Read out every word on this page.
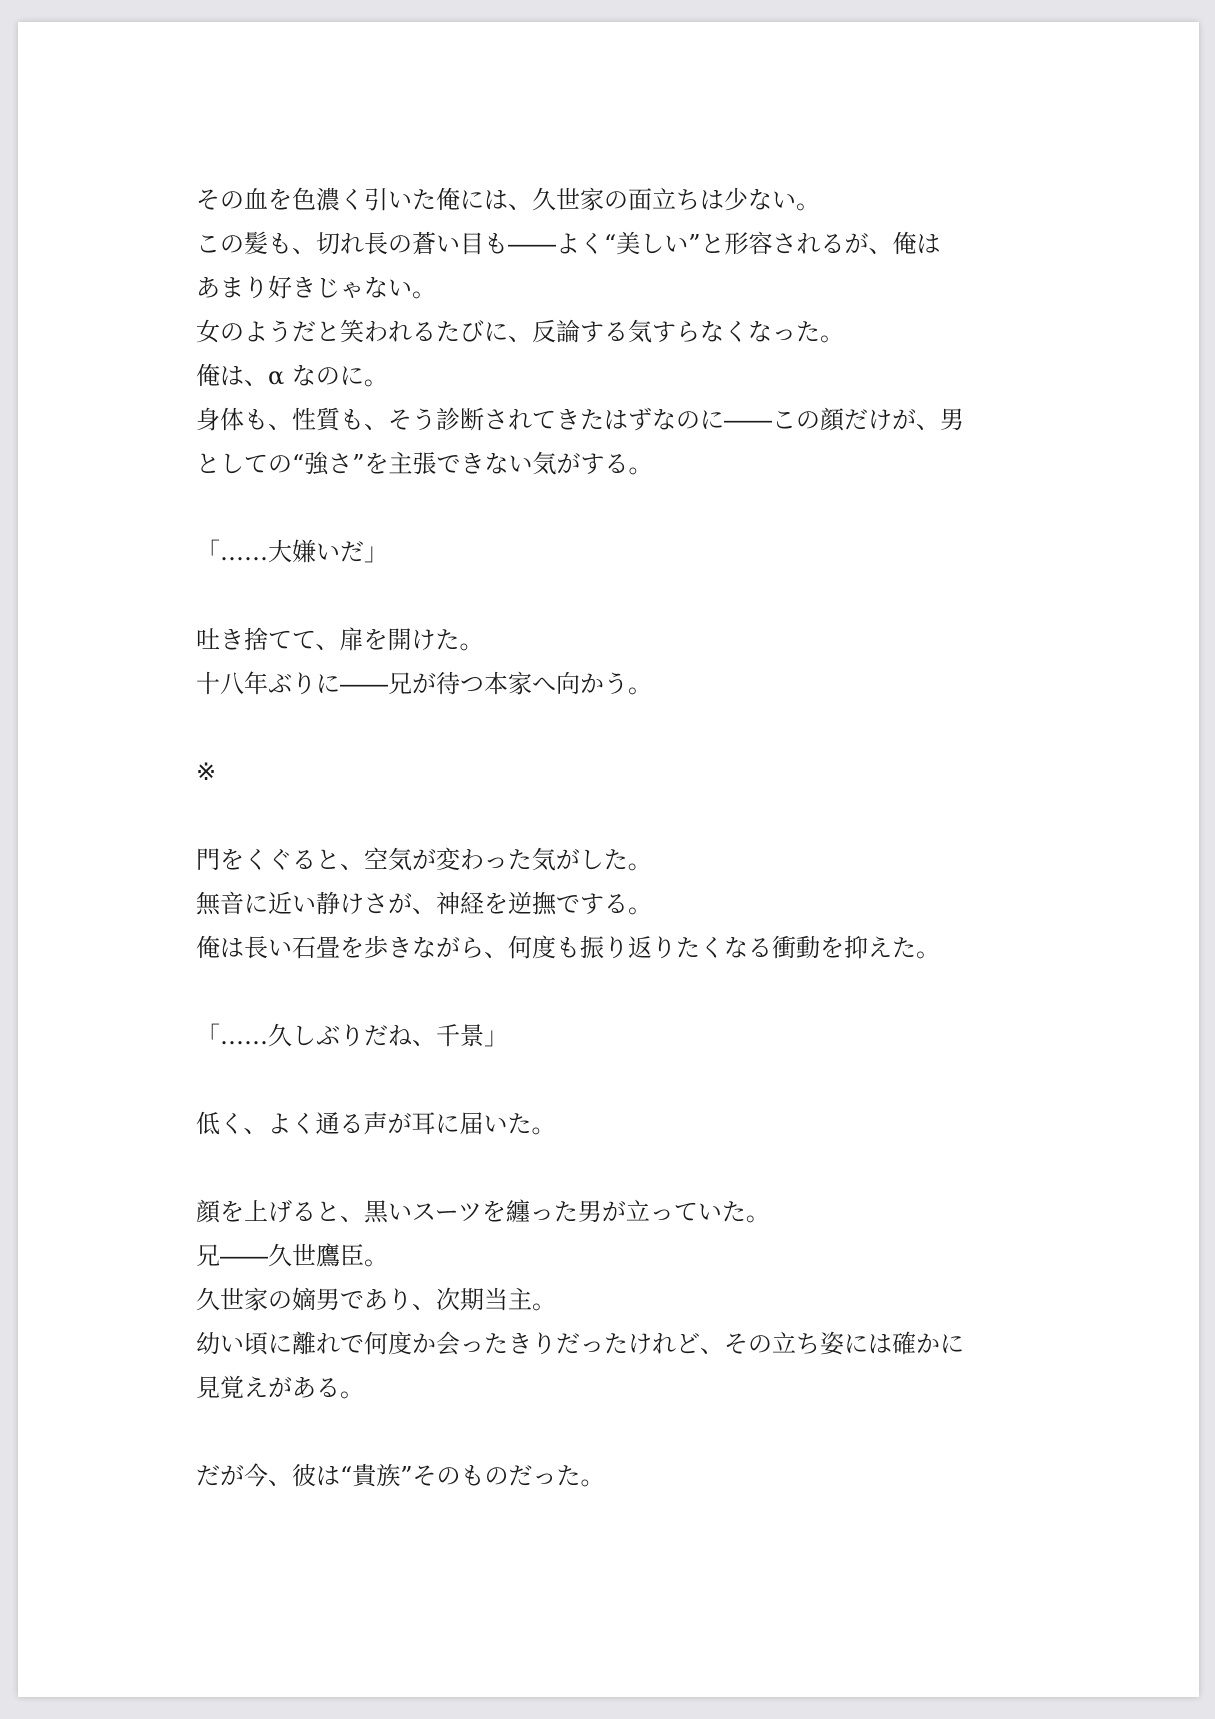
その血を色濃く引いた俺には、久世家の面立ちは少ない。
この髪も、切れ長の蒼い目も――よく“美しい”と形容されるが、俺は
あまり好きじゃない。
女のようだと笑われるたびに、反論する気すらなくなった。
俺は、α なのに。
身体も、性質も、そう診断されてきたはずなのに――この顔だけが、男
としての“強さ”を主張できない気がする。
「……大嫌いだ」
吐き捨てて、扉を開けた。
十八年ぶりに――兄が待つ本家へ向かう。
※
門をくぐると、空気が変わった気がした。
無音に近い静けさが、神経を逆撫でする。
俺は長い石畳を歩きながら、何度も振り返りたくなる衝動を抑えた。
「……久しぶりだね、千景」
低く、よく通る声が耳に届いた。
顔を上げると、黒いスーツを纏った男が立っていた。
兄――久世鷹臣。
久世家の嫡男であり、次期当主。
幼い頃に離れで何度か会ったきりだったけれど、その立ち姿には確かに
見覚えがある。
だが今、彼は“貴族”そのものだった。
